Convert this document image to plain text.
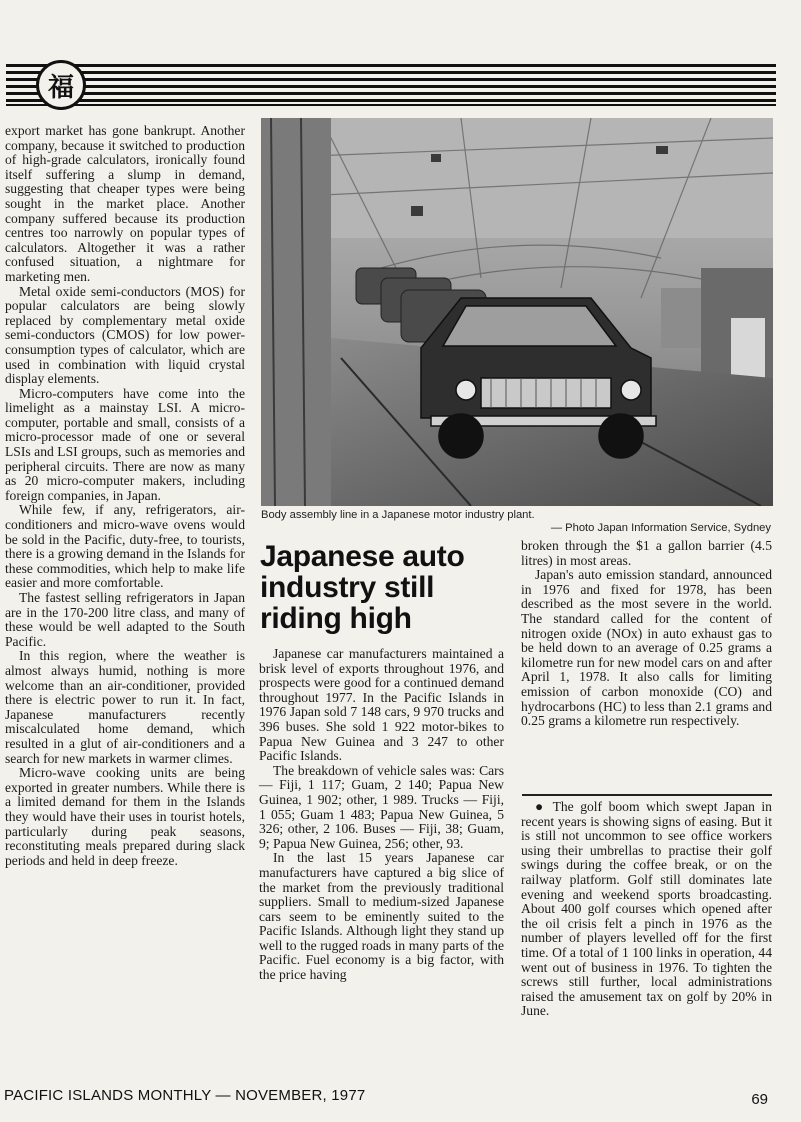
福

export market has gone bankrupt. Another company, because it switched to production of high-grade calculators, ironically found itself suffering a slump in demand, suggesting that cheaper types were being sought in the market place. Another company suffered because its production centres too narrowly on popular types of calculators. Altogether it was a rather confused situation, a nightmare for marketing men.

Metal oxide semi-conductors (MOS) for popular calculators are being slowly replaced by complementary metal oxide semi-conductors (CMOS) for low power-consumption types of calculator, which are used in combination with liquid crystal display elements.

Micro-computers have come into the limelight as a mainstay LSI. A micro-computer, portable and small, consists of a micro-processor made of one or several LSIs and LSI groups, such as memories and peripheral circuits. There are now as many as 20 micro-computer makers, including foreign companies, in Japan.

While few, if any, refrigerators, air-conditioners and micro-wave ovens would be sold in the Pacific, duty-free, to tourists, there is a growing demand in the Islands for these commodities, which help to make life easier and more comfortable.

The fastest selling refrigerators in Japan are in the 170-200 litre class, and many of these would be well adapted to the South Pacific.

In this region, where the weather is almost always humid, nothing is more welcome than an air-conditioner, provided there is electric power to run it. In fact, Japanese manufacturers recently miscalculated home demand, which resulted in a glut of air-conditioners and a search for new markets in warmer climes.

Micro-wave cooking units are being exported in greater numbers. While there is a limited demand for them in the Islands they would have their uses in tourist hotels, particularly during peak seasons, reconstituting meals prepared during slack periods and held in deep freeze.

Body assembly line in a Japanese motor industry plant.
— Photo Japan Information Service, Sydney
Japanese auto industry still riding high

Japanese car manufacturers maintained a brisk level of exports throughout 1976, and prospects were good for a continued demand throughout 1977. In the Pacific Islands in 1976 Japan sold 7 148 cars, 9 970 trucks and 396 buses. She sold 1 922 motor-bikes to Papua New Guinea and 3 247 to other Pacific Islands.

The breakdown of vehicle sales was: Cars — Fiji, 1 117; Guam, 2 140; Papua New Guinea, 1 902; other, 1 989. Trucks — Fiji, 1 055; Guam 1 483; Papua New Guinea, 5 326; other, 2 106. Buses — Fiji, 38; Guam, 9; Papua New Guinea, 256; other, 93.

In the last 15 years Japanese car manufacturers have captured a big slice of the market from the previously traditional suppliers. Small to medium-sized Japanese cars seem to be eminently suited to the Pacific Islands. Although light they stand up well to the rugged roads in many parts of the Pacific. Fuel economy is a big factor, with the price having

broken through the $1 a gallon barrier (4.5 litres) in most areas.

Japan's auto emission standard, announced in 1976 and fixed for 1978, has been described as the most severe in the world. The standard called for the content of nitrogen oxide (NOx) in auto exhaust gas to be held down to an average of 0.25 grams a kilometre run for new model cars on and after April 1, 1978. It also calls for limiting emission of carbon monoxide (CO) and hydrocarbons (HC) to less than 2.1 grams and 0.25 grams a kilometre run respectively.

● The golf boom which swept Japan in recent years is showing signs of easing. But it is still not uncommon to see office workers using their umbrellas to practise their golf swings during the coffee break, or on the railway platform. Golf still dominates late evening and weekend sports broadcasting. About 400 golf courses which opened after the oil crisis felt a pinch in 1976 as the number of players levelled off for the first time. Of a total of 1 100 links in operation, 44 went out of business in 1976. To tighten the screws still further, local administrations raised the amusement tax on golf by 20% in June.

PACIFIC ISLANDS MONTHLY — NOVEMBER, 1977	69
